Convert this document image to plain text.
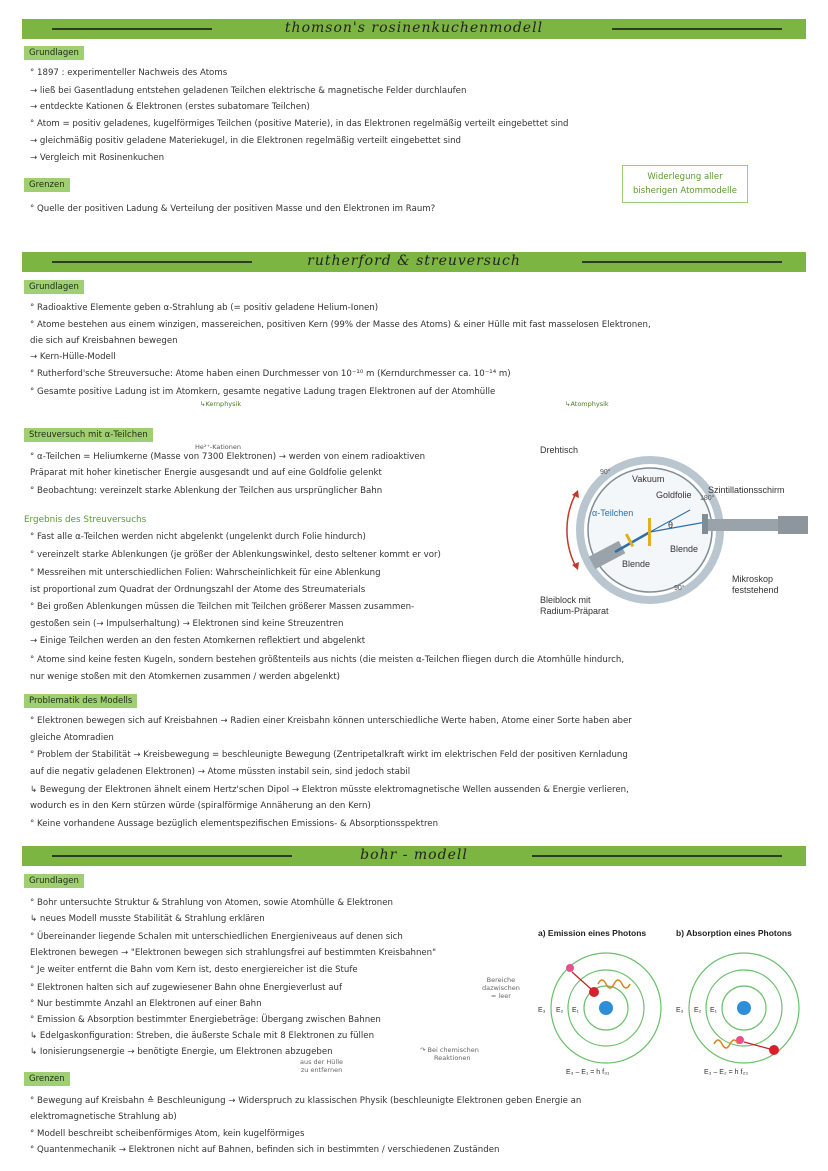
thomson's rosinenkuchenmodell
Grundlagen
° 1897 : experimenteller Nachweis des Atoms
→ ließ bei Gasentladung entstehen geladenen Teilchen elektrische & magnetische Felder durchlaufen
→ entdeckte Kationen & Elektronen (erstes subatomare Teilchen)
° Atom = positiv geladenes, kugelförmiges Teilchen (positive Materie), in das Elektronen regelmäßig verteilt eingebettet sind
→ gleichmäßig positiv geladene Materiekugel, in die Elektronen regelmäßig verteilt eingebettet sind
→ Vergleich mit Rosinenkuchen
Widerlegung aller
bisherigen Atommodelle
Grenzen
° Quelle der positiven Ladung & Verteilung der positiven Masse und den Elektronen im Raum?
rutherford & streuversuch
Grundlagen
° Radioaktive Elemente geben α-Strahlung ab (= positiv geladene Helium-Ionen)
° Atome bestehen aus einem winzigen, massereichen, positiven Kern (99% der Masse des Atoms) & einer Hülle mit fast masselosen Elektronen,
die sich auf Kreisbahnen bewegen
→ Kern-Hülle-Modell
° Rutherford'sche Streuversuche: Atome haben einen Durchmesser von 10⁻¹⁰ m (Kerndurchmesser ca. 10⁻¹⁴ m)
° Gesamte positive Ladung ist im Atomkern, gesamte negative Ladung tragen Elektronen auf der Atomhülle
↳Kernphysik	↳Atomphysik
Streuversuch mit α-Teilchen
He²⁺-Kationen
° α-Teilchen = Heliumkerne (Masse von 7300 Elektronen) → werden von einem radioaktiven
Präparat mit hoher kinetischer Energie ausgesandt und auf eine Goldfolie gelenkt
° Beobachtung: vereinzelt starke Ablenkung der Teilchen aus ursprünglicher Bahn
Ergebnis des Streuversuchs
° Fast alle α-Teilchen werden nicht abgelenkt (ungelenkt durch Folie hindurch)
° vereinzelt starke Ablenkungen (je größer der Ablenkungswinkel, desto seltener kommt er vor)
° Messreihen mit unterschiedlichen Folien: Wahrscheinlichkeit für eine Ablenkung
ist proportional zum Quadrat der Ordnungszahl der Atome des Streumaterials
° Bei großen Ablenkungen müssen die Teilchen mit Teilchen größerer Massen zusammen-
gestoßen sein (→ Impulserhaltung) → Elektronen sind keine Streuzentren
→ Einige Teilchen werden an den festen Atomkernen reflektiert und abgelenkt
° Atome sind keine festen Kugeln, sondern bestehen größtenteils aus nichts (die meisten α-Teilchen fliegen durch die Atomhülle hindurch,
nur wenige stoßen mit den Atomkernen zusammen / werden abgelenkt)
Drehtisch
Vakuum
Goldfolie Szintillationsschirm
α-Teilchen
θ
Blende
Blende
Bleiblock mit
Radium-Präparat
Mikroskop
feststehend
90°
180°
90°
Problematik des Modells
° Elektronen bewegen sich auf Kreisbahnen → Radien einer Kreisbahn können unterschiedliche Werte haben, Atome einer Sorte haben aber
gleiche Atomradien
° Problem der Stabilität → Kreisbewegung = beschleunigte Bewegung (Zentripetalkraft wirkt im elektrischen Feld der positiven Kernladung
auf die negativ geladenen Elektronen) → Atome müssten instabil sein, sind jedoch stabil
↳ Bewegung der Elektronen ähnelt einem Hertz'schen Dipol → Elektron müsste elektromagnetische Wellen aussenden & Energie verlieren,
wodurch es in den Kern stürzen würde (spiralförmige Annäherung an den Kern)
° Keine vorhandene Aussage bezüglich elementspezifischen Emissions- & Absorptionsspektren
bohr - modell
Grundlagen
° Bohr untersuchte Struktur & Strahlung von Atomen, sowie Atomhülle & Elektronen
↳ neues Modell musste Stabilität & Strahlung erklären
° Übereinander liegende Schalen mit unterschiedlichen Energieniveaus auf denen sich
Elektronen bewegen → "Elektronen bewegen sich strahlungsfrei auf bestimmten Kreisbahnen"
° Je weiter entfernt die Bahn vom Kern ist, desto energiereicher ist die Stufe
° Elektronen halten sich auf zugewiesener Bahn ohne Energieverlust auf
° Nur bestimmte Anzahl an Elektronen auf einer Bahn
° Emission & Absorption bestimmter Energiebeträge: Übergang zwischen Bahnen
↳ Edelgaskonfiguration: Streben, die äußerste Schale mit 8 Elektronen zu füllen
↳ Ionisierungsenergie → benötigte Energie, um Elektronen abzugeben
Bereiche
dazwischen
= leer
aus der Hülle
zu entfernen
↷ Bei chemischen
Reaktionen
a) Emission eines Photons
E₃ E₂ E₁
E₃ – E₁ = h f₃₁
b) Absorption eines Photons
E₃ E₂ E₁
E₃ – E₂ = h f₂₃
Grenzen
° Bewegung auf Kreisbahn ≙ Beschleunigung → Widerspruch zu klassischen Physik (beschleunigte Elektronen geben Energie an
elektromagnetische Strahlung ab)
° Modell beschreibt scheibenförmiges Atom, kein kugelförmiges
° Quantenmechanik → Elektronen nicht auf Bahnen, befinden sich in bestimmten / verschiedenen Zuständen
